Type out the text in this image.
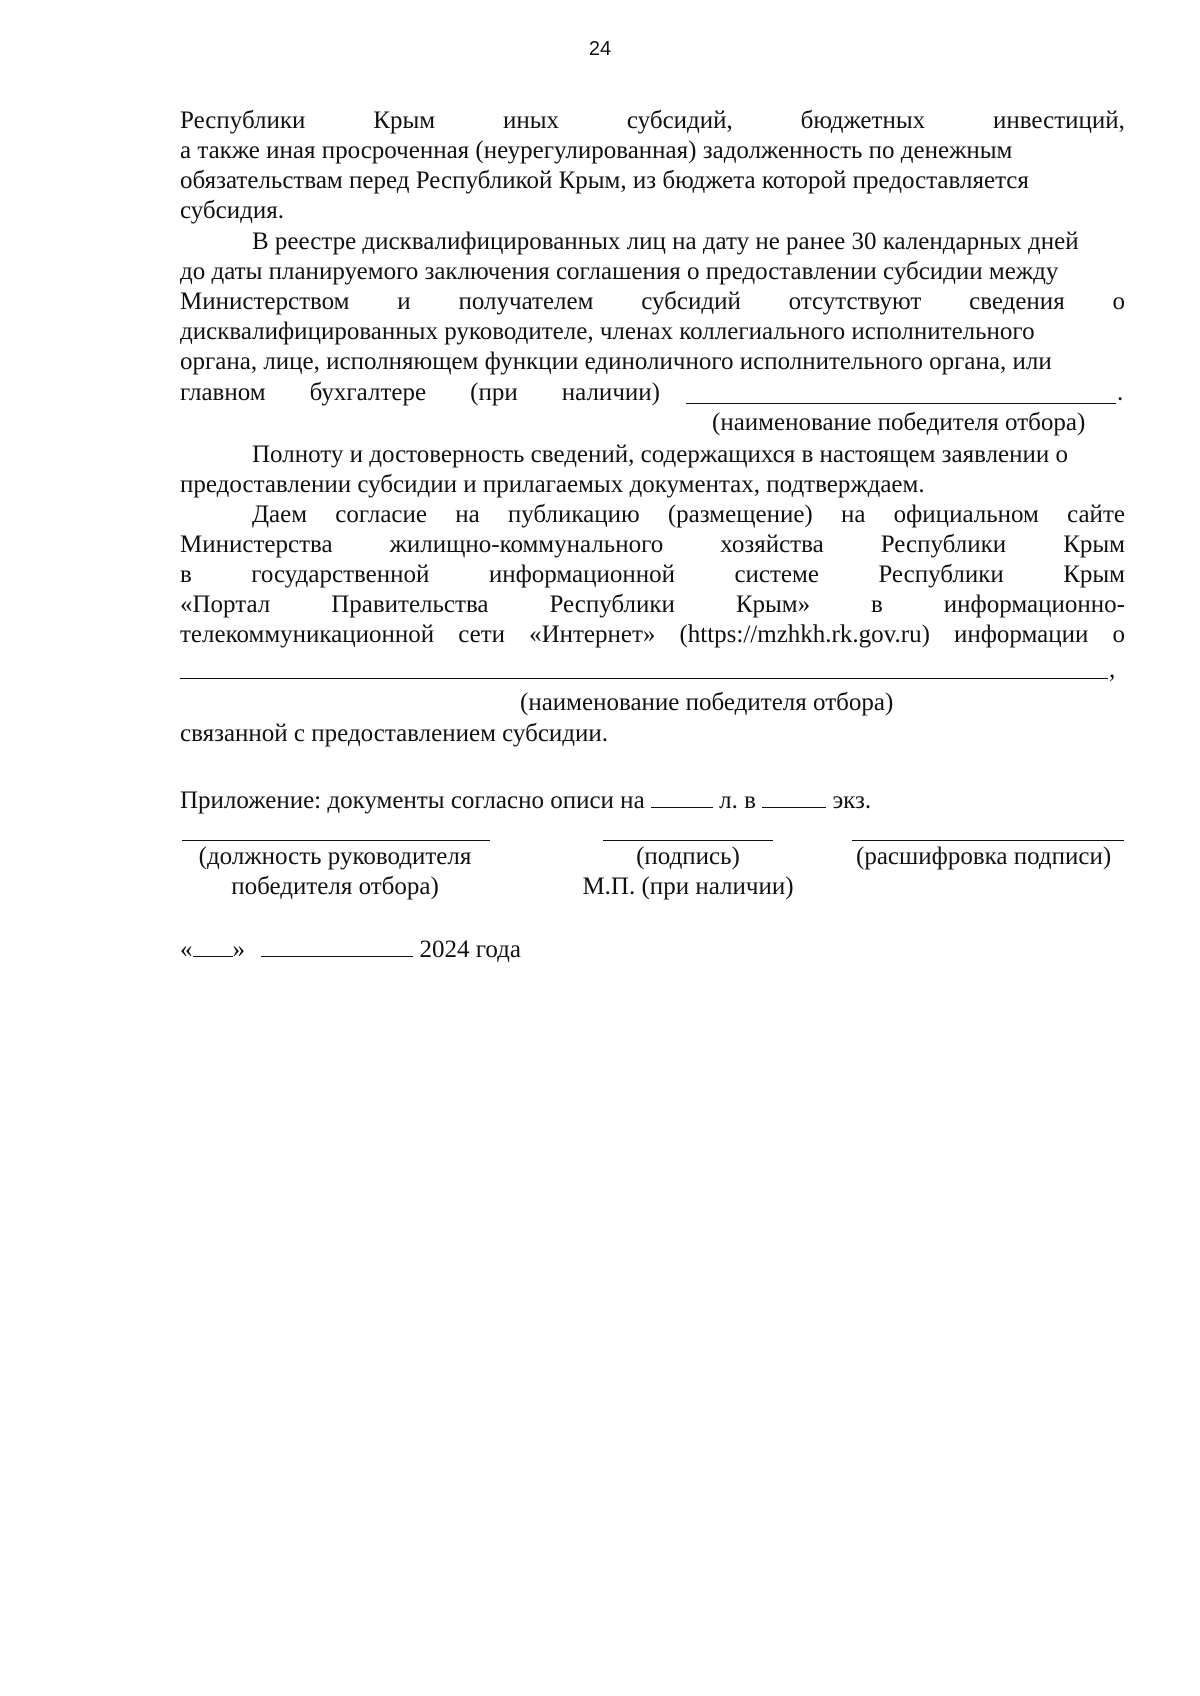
24
Республики	Крым	иных	субсидий,	бюджетных	инвестиций,
а также иная просроченная (неурегулированная) задолженность по денежным
обязательствам перед Республикой Крым, из бюджета которой предоставляется
субсидия.
В реестре дисквалифицированных лиц на дату не ранее 30 календарных дней
до даты планируемого заключения соглашения о предоставлении субсидии между
Министерством и получателем субсидий отсутствуют сведения о
дисквалифицированных руководителе, членах коллегиального исполнительного
органа, лице, исполняющем функции единоличного исполнительного органа, или
главном бухгалтере (при наличии)	.
(наименование победителя отбора)
Полноту и достоверность сведений, содержащихся в настоящем заявлении о
предоставлении субсидии и прилагаемых документах, подтверждаем.
Даем согласие на публикацию (размещение) на официальном сайте
Министерства жилищно-коммунального хозяйства Республики Крым
в государственной информационной системе Республики Крым
«Портал Правительства Республики Крым» в информационно-
телекоммуникационной сети «Интернет» (https://mzhkh.rk.gov.ru) информации о
,
(наименование победителя отбора)
связанной с предоставлением субсидии.
Приложение: документы согласно описи на	л. в	экз.
(должность руководителя
победителя отбора)
(подпись)
М.П. (при наличии)
(расшифровка подписи)
« »	2024 года
